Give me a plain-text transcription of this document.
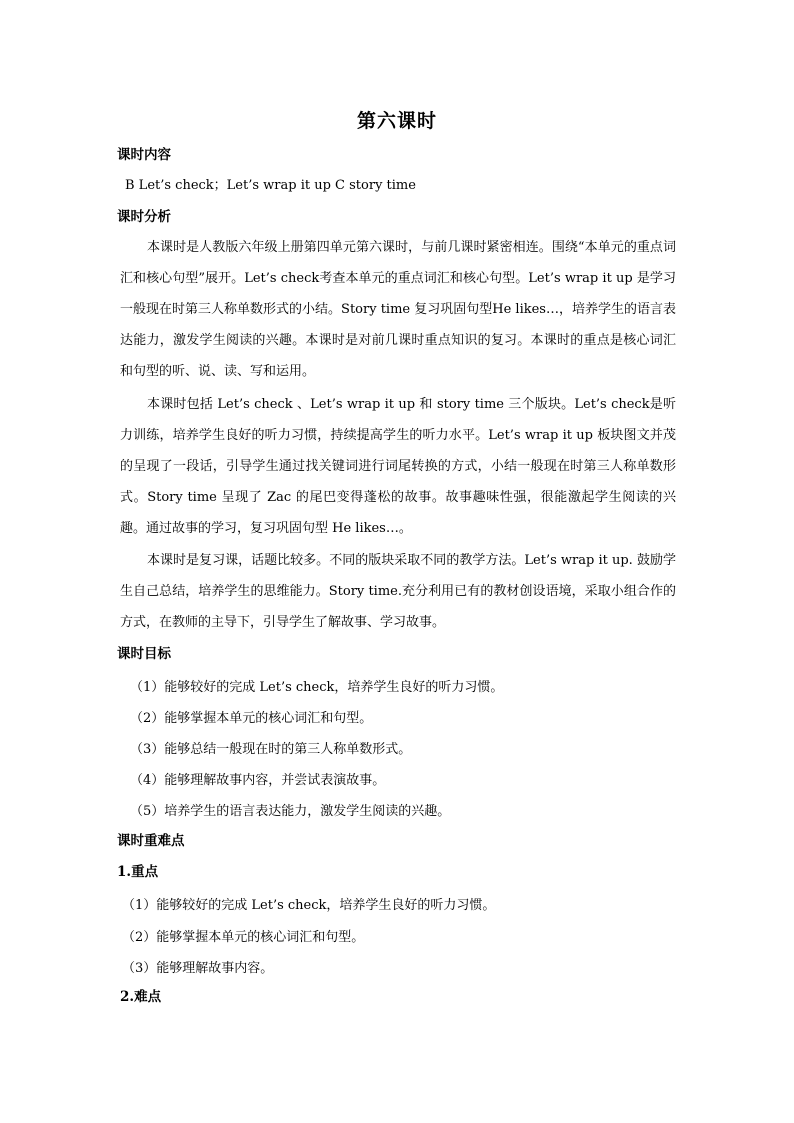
第六课时
课时内容
B Let’s check；Let’s wrap it up C story time
课时分析
本课时是人教版六年级上册第四单元第六课时，与前几课时紧密相连。围绕“本单元的重点词汇和核心句型”展开。Let’s check考查本单元的重点词汇和核心句型。Let’s wrap it up 是学习一般现在时第三人称单数形式的小结。Story time 复习巩固句型He likes…，培养学生的语言表达能力，激发学生阅读的兴趣。本课时是对前几课时重点知识的复习。本课时的重点是核心词汇和句型的听、说、读、写和运用。
本课时包括 Let’s check 、Let’s wrap it up 和 story time 三个版块。Let’s check是听力训练，培养学生良好的听力习惯，持续提高学生的听力水平。Let’s wrap it up 板块图文并茂的呈现了一段话，引导学生通过找关键词进行词尾转换的方式，小结一般现在时第三人称单数形式。Story time 呈现了 Zac 的尾巴变得蓬松的故事。故事趣味性强，很能激起学生阅读的兴趣。通过故事的学习，复习巩固句型 He likes…。
本课时是复习课，话题比较多。不同的版块采取不同的教学方法。Let’s wrap it up. 鼓励学生自己总结，培养学生的思维能力。Story time.充分利用已有的教材创设语境，采取小组合作的方式，在教师的主导下，引导学生了解故事、学习故事。
课时目标
（1）能够较好的完成 Let’s check，培养学生良好的听力习惯。
（2）能够掌握本单元的核心词汇和句型。
（3）能够总结一般现在时的第三人称单数形式。
（4）能够理解故事内容，并尝试表演故事。
（5）培养学生的语言表达能力，激发学生阅读的兴趣。
课时重难点
1.重点
（1）能够较好的完成 Let’s check，培养学生良好的听力习惯。
（2）能够掌握本单元的核心词汇和句型。
（3）能够理解故事内容。
2.难点
